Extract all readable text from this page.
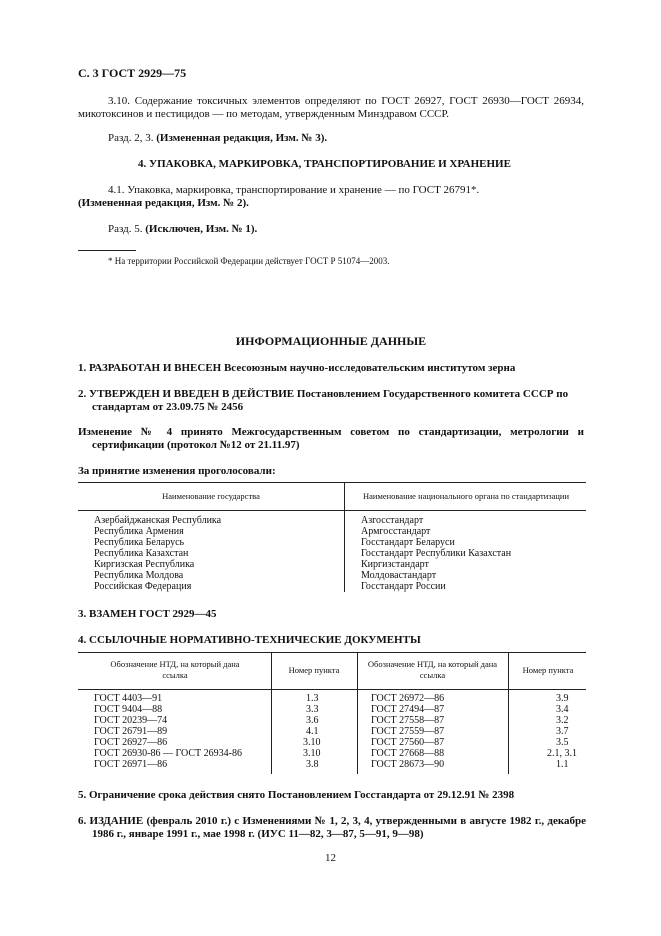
С. 3 ГОСТ 2929—75
3.10. Содержание токсичных элементов определяют по ГОСТ 26927, ГОСТ 26930—ГОСТ 26934, микотоксинов и пестицидов — по методам, утвержденным Минздравом СССР.
Разд. 2, 3. (Измененная редакция, Изм. № 3).
4. УПАКОВКА, МАРКИРОВКА, ТРАНСПОРТИРОВАНИЕ И ХРАНЕНИЕ
4.1. Упаковка, маркировка, транспортирование и хранение — по ГОСТ 26791*.
(Измененная редакция, Изм. № 2).
Разд. 5. (Исключен, Изм. № 1).
* На территории Российской Федерации действует ГОСТ Р 51074—2003.
ИНФОРМАЦИОННЫЕ ДАННЫЕ
1. РАЗРАБОТАН И ВНЕСЕН Всесоюзным научно-исследовательским институтом зерна
2. УТВЕРЖДЕН И ВВЕДЕН В ДЕЙСТВИЕ Постановлением Государственного комитета СССР по стандартам от 23.09.75 № 2456
Изменение № 4 принято Межгосударственным советом по стандартизации, метрологии и сертификации (протокол №12 от 21.11.97)
За принятие изменения проголосовали:
Наименование государства	Наименование национального органа по стандартизации
Азербайджанская Республика	Азгосстандарт
Республика Армения	Армгосстандарт
Республика Беларусь	Госстандарт Беларуси
Республика Казахстан	Госстандарт Республики Казахстан
Киргизская Республика	Киргизстандарт
Республика Молдова	Молдовастандарт
Российская Федерация	Госстандарт России
3. ВЗАМЕН ГОСТ 2929—45
4. ССЫЛОЧНЫЕ НОРМАТИВНО-ТЕХНИЧЕСКИЕ ДОКУМЕНТЫ
Обозначение НТД, на который дана ссылка	Номер пункта
Обозначение НТД, на который дана ссылка	Номер пункта
ГОСТ 4403—91	1.3	ГОСТ 26972—86	3.9
ГОСТ 9404—88	3.3	ГОСТ 27494—87	3.4
ГОСТ 20239—74	3.6	ГОСТ 27558—87	3.2
ГОСТ 26791—89	4.1	ГОСТ 27559—87	3.7
ГОСТ 26927—86	3.10	ГОСТ 27560—87	3.5
ГОСТ 26930-86 — ГОСТ 26934-86	3.10	ГОСТ 27668—88	2.1, 3.1
ГОСТ 26971—86	3.8	ГОСТ 28673—90	1.1
5. Ограничение срока действия снято Постановлением Госстандарта от 29.12.91 № 2398
6. ИЗДАНИЕ (февраль 2010 г.) с Изменениями № 1, 2, 3, 4, утвержденными в августе 1982 г., декабре 1986 г., январе 1991 г., мае 1998 г. (ИУС 11—82, 3—87, 5—91, 9—98)
12
